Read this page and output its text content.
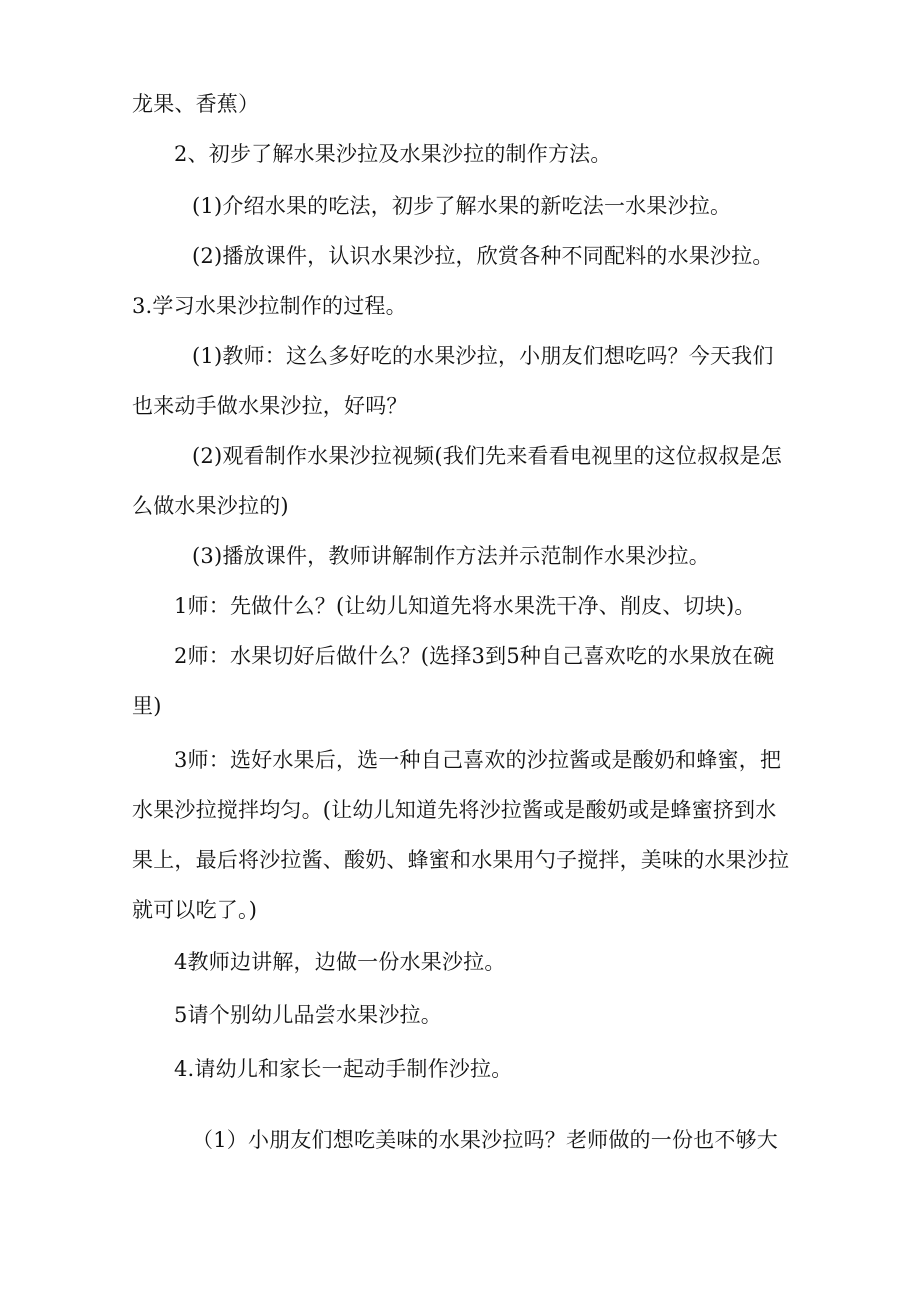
龙果、香蕉）

2、初步了解水果沙拉及水果沙拉的制作方法。

(1)介绍水果的吃法，初步了解水果的新吃法一水果沙拉。

(2)播放课件，认识水果沙拉，欣赏各种不同配料的水果沙拉。

3.学习水果沙拉制作的过程。

(1)教师：这么多好吃的水果沙拉，小朋友们想吃吗？今天我们也来动手做水果沙拉，好吗？

(2)观看制作水果沙拉视频(我们先来看看电视里的这位叔叔是怎么做水果沙拉的)

(3)播放课件，教师讲解制作方法并示范制作水果沙拉。

1师：先做什么？(让幼儿知道先将水果洗干净、削皮、切块)。

2师：水果切好后做什么？(选择3到5种自己喜欢吃的水果放在碗里)

3师：选好水果后，选一种自己喜欢的沙拉酱或是酸奶和蜂蜜，把水果沙拉搅拌均匀。(让幼儿知道先将沙拉酱或是酸奶或是蜂蜜挤到水果上，最后将沙拉酱、酸奶、蜂蜜和水果用勺子搅拌，美味的水果沙拉就可以吃了。)

4教师边讲解，边做一份水果沙拉。

5请个别幼儿品尝水果沙拉。

4.请幼儿和家长一起动手制作沙拉。

（1）小朋友们想吃美味的水果沙拉吗？老师做的一份也不够大
